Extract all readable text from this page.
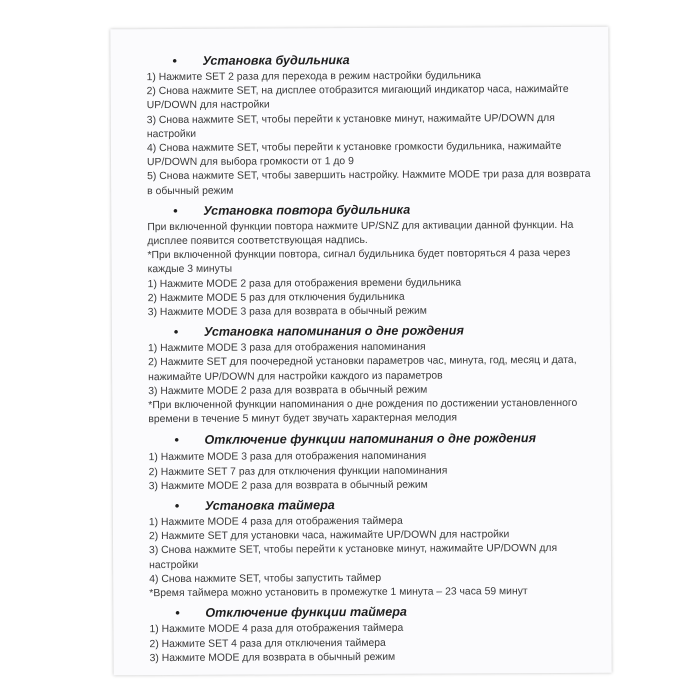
• Установка будильника

1) Нажмите SET 2 раза для перехода в режим настройки будильника

2) Снова нажмите SET, на дисплее отобразится мигающий индикатор часа, нажимайте UP/DOWN для настройки

3) Снова нажмите SET, чтобы перейти к установке минут, нажимайте UP/DOWN для настройки

4) Снова нажмите SET, чтобы перейти к установке громкости будильника, нажимайте UP/DOWN для выбора громкости от 1 до 9

5) Снова нажмите SET, чтобы завершить настройку. Нажмите MODE три раза для возврата в обычный режим

• Установка повтора будильника

При включенной функции повтора нажмите UP/SNZ для активации данной функции. На дисплее появится соответствующая надпись.

*При включенной функции повтора, сигнал будильника будет повторяться 4 раза через каждые 3 минуты

1) Нажмите MODE 2 раза для отображения времени будильника

2) Нажмите MODE 5 раз для отключения будильника

3) Нажмите MODE 3 раза для возврата в обычный режим

• Установка напоминания о дне рождения

1) Нажмите MODE 3 раза для отображения напоминания

2) Нажмите SET для поочередной установки параметров час, минута, год, месяц и дата, нажимайте UP/DOWN для настройки каждого из параметров

3) Нажмите MODE 2 раза для возврата в обычный режим

*При включенной функции напоминания о дне рождения по достижении установленного времени в течение 5 минут будет звучать характерная мелодия

• Отключение функции напоминания о дне рождения

1) Нажмите MODE 3 раза для отображения напоминания

2) Нажмите SET 7 раз для отключения функции напоминания

3) Нажмите MODE 2 раза для возврата в обычный режим

• Установка таймера

1) Нажмите MODE 4 раза для отображения таймера

2) Нажмите SET для установки часа, нажимайте UP/DOWN для настройки

3) Снова нажмите SET, чтобы перейти к установке минут, нажимайте UP/DOWN для настройки

4) Снова нажмите SET, чтобы запустить таймер

*Время таймера можно установить в промежутке 1 минута – 23 часа 59 минут

• Отключение функции таймера

1) Нажмите MODE 4 раза для отображения таймера

2) Нажмите SET 4 раза для отключения таймера

3) Нажмите MODE для возврата в обычный режим
